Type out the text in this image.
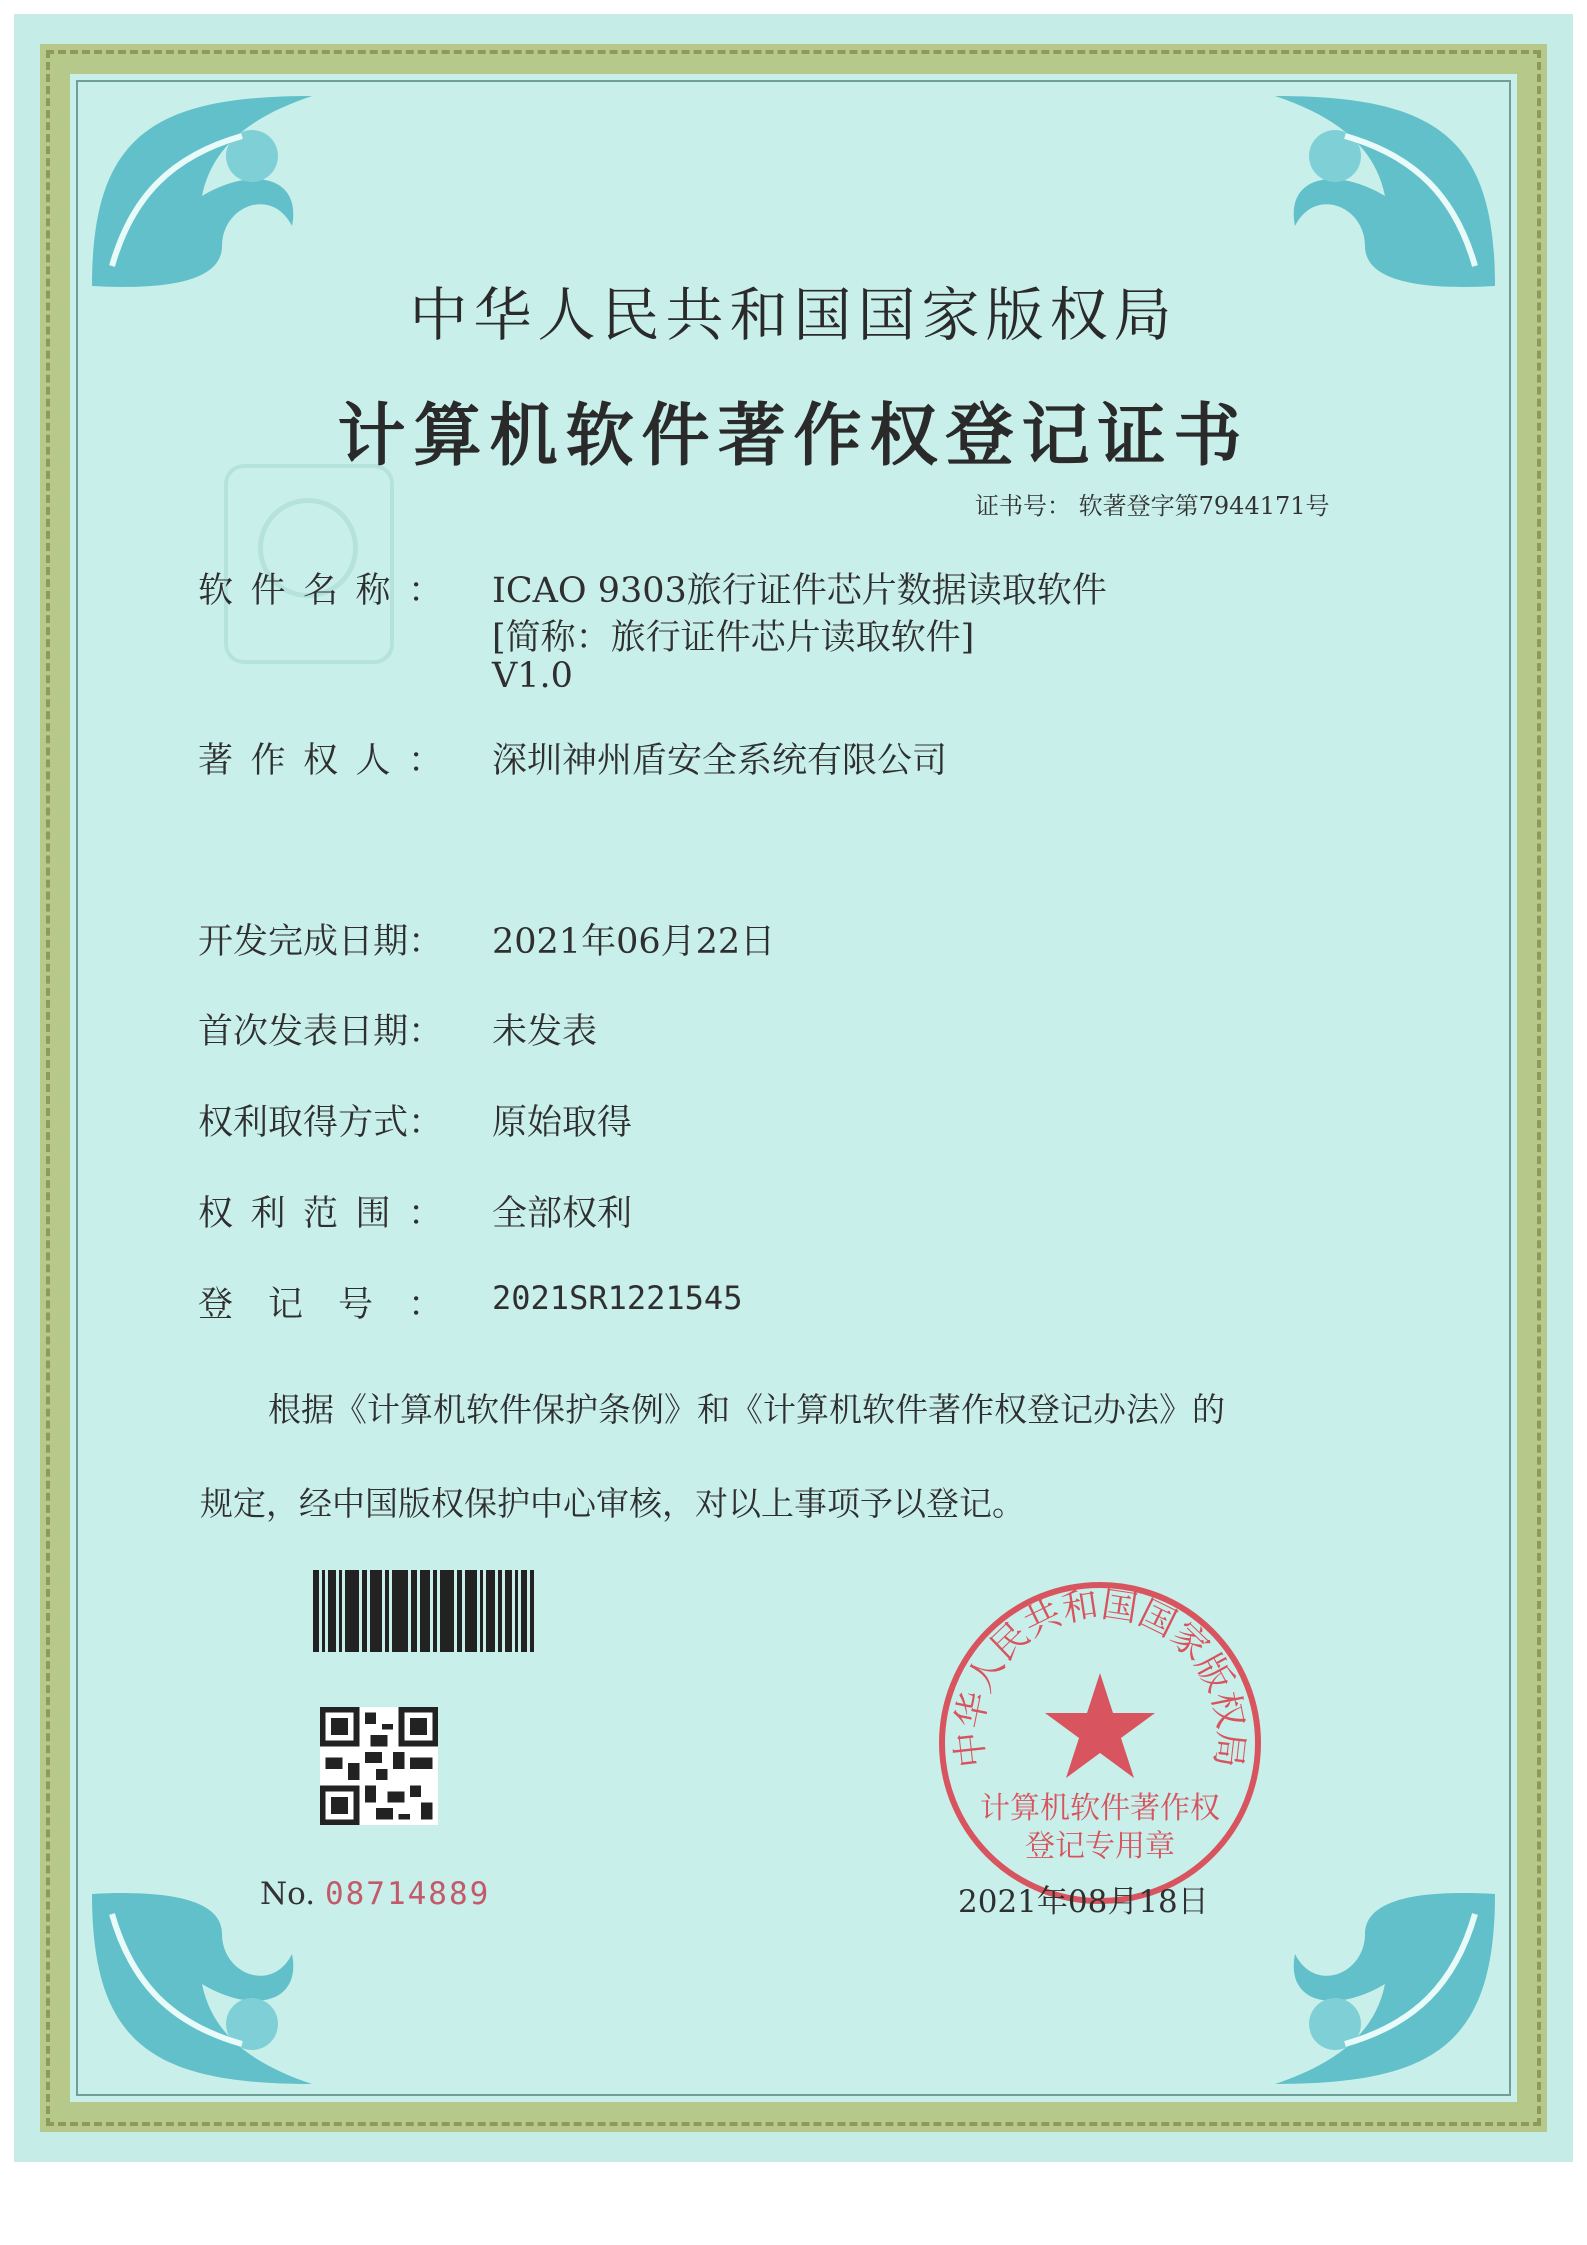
中华人民共和国国家版权局
计算机软件著作权登记证书
证书号： 软著登字第7944171号
软 件 名 称 ： ICAO 9303旅行证件芯片数据读取软件
[简称：旅行证件芯片读取软件]
V1.0
著 作 权 人 ： 深圳神州盾安全系统有限公司
开 发 完 成 日 期 ： 2021年06月22日
首 次 发 表 日 期 ： 未发表
权 利 取 得 方 式 ： 原始取得
权 利 范 围 ： 全部权利
登 记 号 ： 2021SR1221545
根据《计算机软件保护条例》和《计算机软件著作权登记办法》的
规定，经中国版权保护中心审核，对以上事项予以登记。
No. 08714889
中华人民共和国国家版权局
计算机软件著作权
登记专用章
2021年08月18日
